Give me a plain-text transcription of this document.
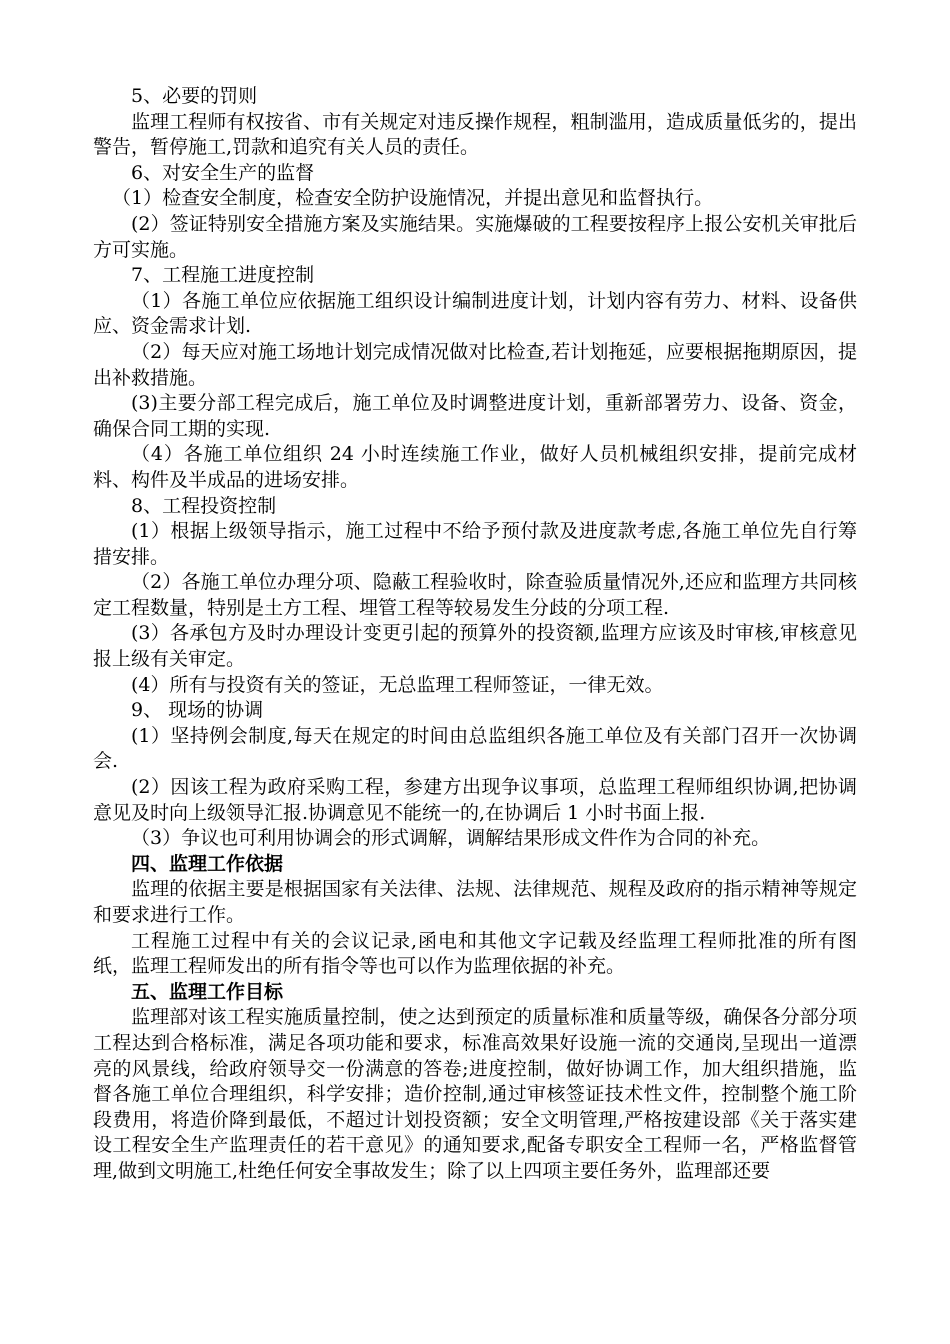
5、必要的罚则

监理工程师有权按省、市有关规定对违反操作规程，粗制滥用，造成质量低劣的，提出警告，暂停施工,罚款和追究有关人员的责任。

6、对安全生产的监督

（1）检查安全制度，检查安全防护设施情况，并提出意见和监督执行。

(2）签证特别安全措施方案及实施结果。实施爆破的工程要按程序上报公安机关审批后方可实施。

7、工程施工进度控制

（1）各施工单位应依据施工组织设计编制进度计划，计划内容有劳力、材料、设备供应、资金需求计划.

（2）每天应对施工场地计划完成情况做对比检查,若计划拖延，应要根据拖期原因，提出补救措施。

(3)主要分部工程完成后，施工单位及时调整进度计划，重新部署劳力、设备、资金，确保合同工期的实现.

（4）各施工单位组织 24 小时连续施工作业，做好人员机械组织安排，提前完成材料、构件及半成品的进场安排。

8、工程投资控制

(1）根据上级领导指示，施工过程中不给予预付款及进度款考虑,各施工单位先自行筹措安排。

（2）各施工单位办理分项、隐蔽工程验收时，除查验质量情况外,还应和监理方共同核定工程数量，特别是土方工程、埋管工程等较易发生分歧的分项工程.

(3）各承包方及时办理设计变更引起的预算外的投资额,监理方应该及时审核,审核意见报上级有关审定。

(4）所有与投资有关的签证，无总监理工程师签证，一律无效。

9、 现场的协调

(1）坚持例会制度,每天在规定的时间由总监组织各施工单位及有关部门召开一次协调会.

(2）因该工程为政府采购工程，参建方出现争议事项，总监理工程师组织协调,把协调意见及时向上级领导汇报.协调意见不能统一的,在协调后 1 小时书面上报.

（3）争议也可利用协调会的形式调解，调解结果形成文件作为合同的补充。

四、监理工作依据

监理的依据主要是根据国家有关法律、法规、法律规范、规程及政府的指示精神等规定和要求进行工作。

工程施工过程中有关的会议记录,函电和其他文字记载及经监理工程师批准的所有图纸，监理工程师发出的所有指令等也可以作为监理依据的补充。

五、监理工作目标

监理部对该工程实施质量控制，使之达到预定的质量标准和质量等级，确保各分部分项工程达到合格标准，满足各项功能和要求，标准高效果好设施一流的交通岗,呈现出一道漂亮的风景线，给政府领导交一份满意的答卷;进度控制，做好协调工作，加大组织措施，监督各施工单位合理组织，科学安排；造价控制,通过审核签证技术性文件，控制整个施工阶段费用，将造价降到最低，不超过计划投资额；安全文明管理,严格按建设部《关于落实建设工程安全生产监理责任的若干意见》的通知要求,配备专职安全工程师一名，严格监督管理,做到文明施工,杜绝任何安全事故发生；除了以上四项主要任务外，监理部还要
